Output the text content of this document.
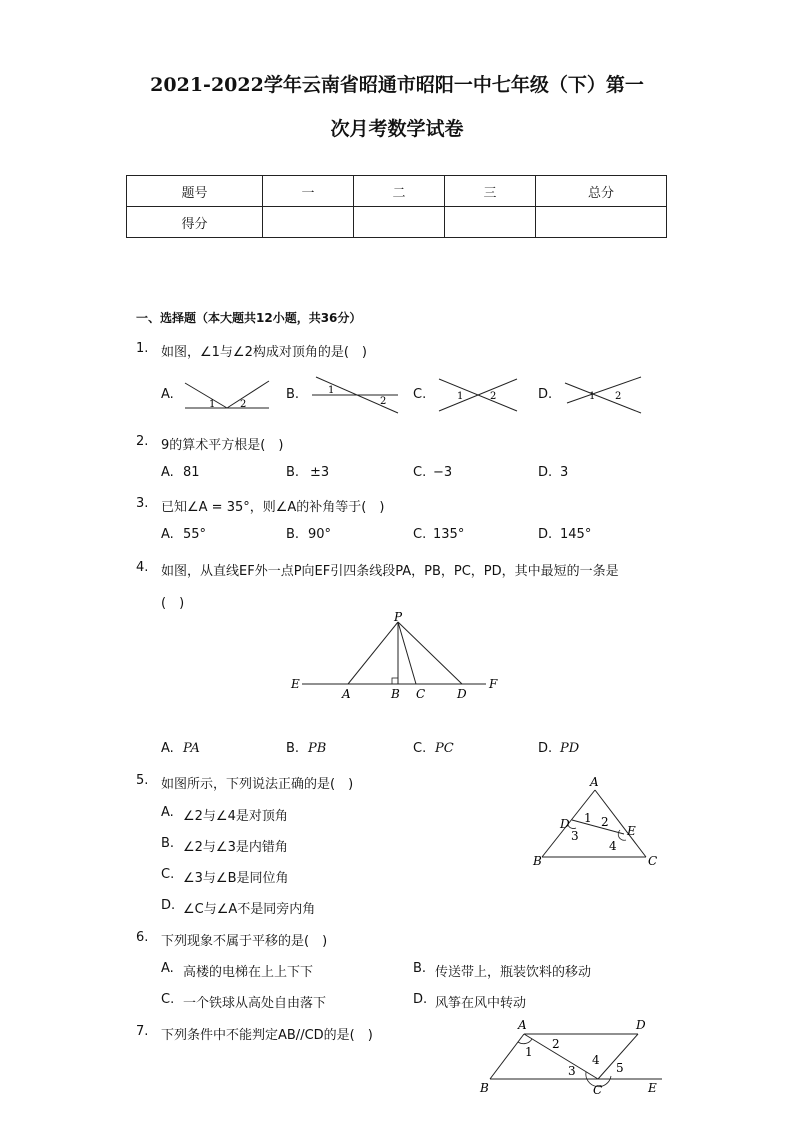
2021-2022学年云南省昭通市昭阳一中七年级（下）第一
次月考数学试卷
题号	一	二	三	总分
得分				
一、选择题（本大题共12小题，共36分）
1. 如图，∠1与∠2构成对顶角的是(　)
A.
1 2
B.	1
2 C.	1	2	D.	1 2
2. 9的算术平方根是(　)
A. 81	B. ±3	C. −3	D. 3
3. 已知∠A = 35°，则∠A的补角等于(　)
A. 55°	B. 90°	C. 135°	D. 145°
4. 如图，从直线EF外一点P向EF引四条线段PA，PB，PC，PD，其中最短的一条是
(　)
P
E
A	B C	D
F
A. PA	B. PB	C. PC	D. PD
5. 如图所示，下列说法正确的是(　)
A. ∠2与∠4是对顶角
B. ∠2与∠3是内错角
C. ∠3与∠B是同位角
D. ∠C与∠A不是同旁内角
A
D	E
B	C
1 2
3
4
6. 下列现象不属于平移的是(　)
A. 高楼的电梯在上上下下	B. 传送带上，瓶装饮料的移动
C. 一个铁球从高处自由落下	D. 风筝在风中转动
7. 下列条件中不能判定AB//CD的是(　)
A	D
B	C	E
1
2
3
4
5
